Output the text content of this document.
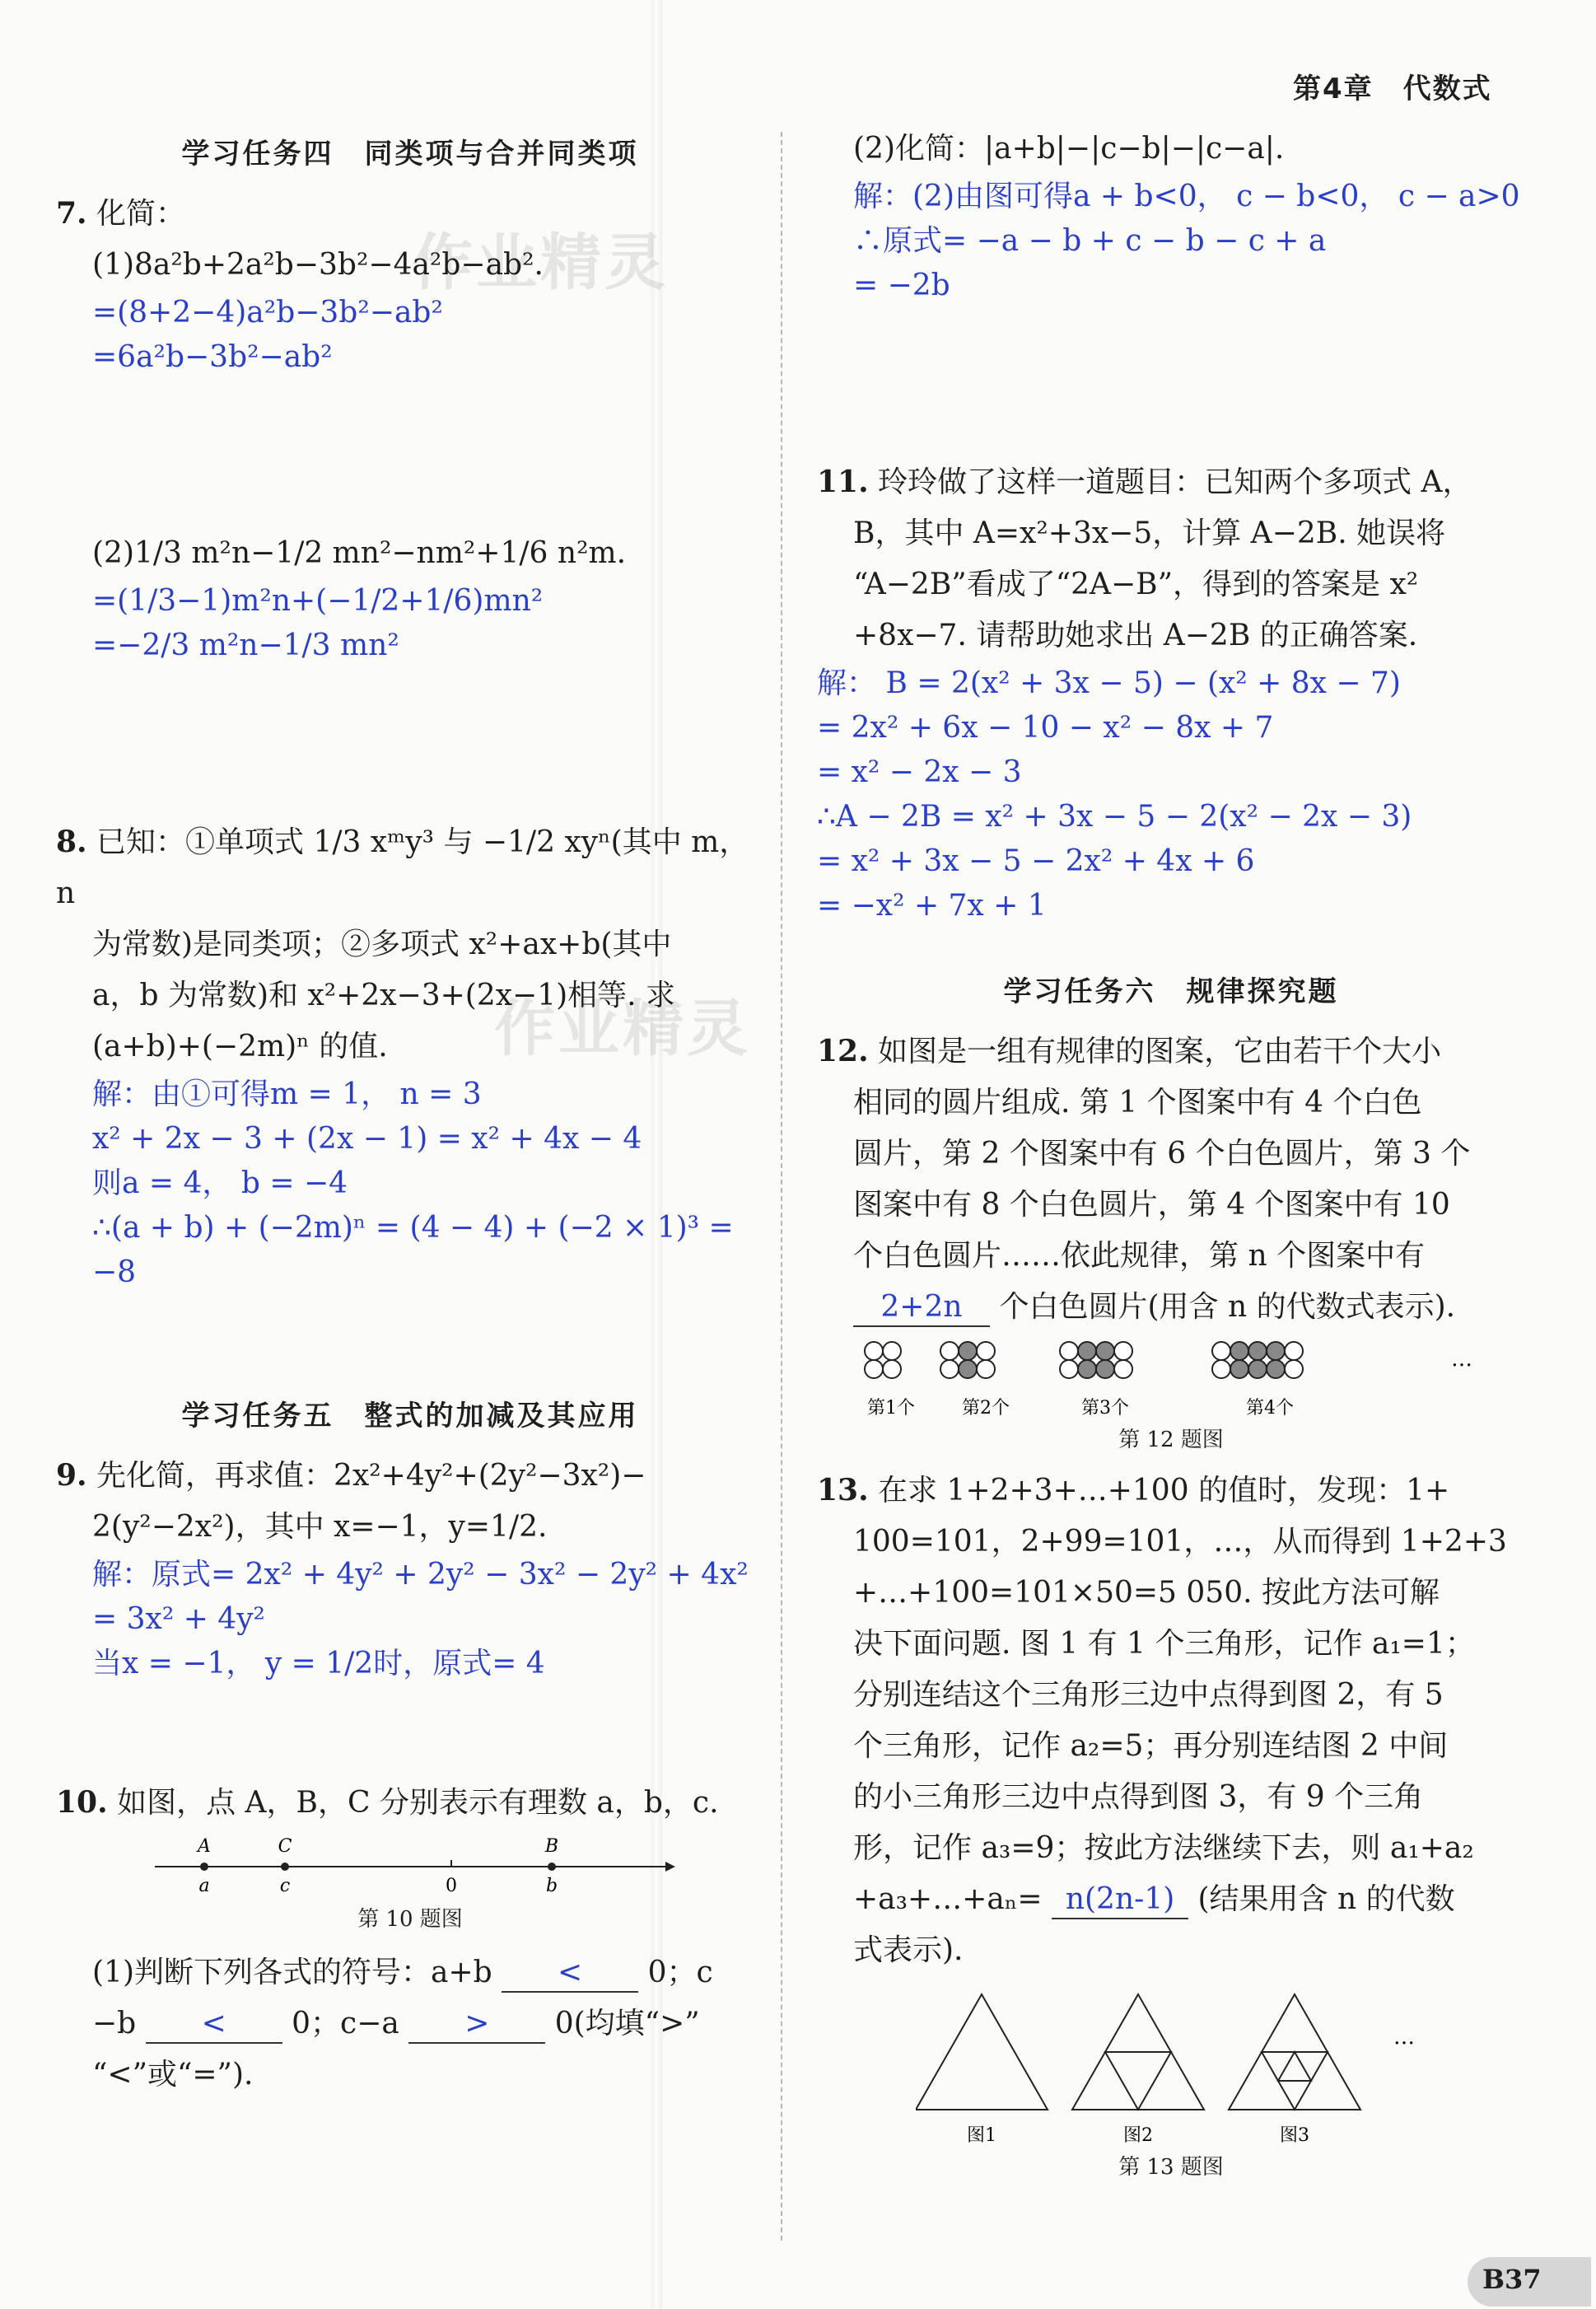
第4章　代数式
作业精灵
作业精灵
学习任务四　同类项与合并同类项
7. 化简：
(1)8a²b+2a²b−3b²−4a²b−ab².
=(8+2−4)a²b−3b²−ab²
=6a²b−3b²−ab²
(2)1/3 m²n−1/2 mn²−nm²+1/6 n²m.
=(1/3−1)m²n+(−1/2+1/6)mn²
=−2/3 m²n−1/3 mn²
8. 已知：①单项式 1/3 xᵐy³ 与 −1/2 xyⁿ(其中 m，n
为常数)是同类项；②多项式 x²+ax+b(其中
a，b 为常数)和 x²+2x−3+(2x−1)相等. 求
(a+b)+(−2m)ⁿ 的值.
解：由①可得m = 1， n = 3
x² + 2x − 3 + (2x − 1) = x² + 4x − 4
则a = 4， b = −4
∴(a + b) + (−2m)ⁿ = (4 − 4) + (−2 × 1)³ = −8
学习任务五　整式的加减及其应用
9. 先化简，再求值：2x²+4y²+(2y²−3x²)−
2(y²−2x²)，其中 x=−1，y=1/2.
解：原式= 2x² + 4y² + 2y² − 3x² − 2y² + 4x²
= 3x² + 4y²
当x = −1， y = 1/2时，原式= 4
10. 如图，点 A，B，C 分别表示有理数 a，b，c.
A
a
C
c	0
B
b
第 10 题图
(1)判断下列各式的符号：a+b < 0；c
−b < 0；c−a > 0(均填“>”
“<”或“=”).
(2)化简：|a+b|−|c−b|−|c−a|.
解：(2)由图可得a + b<0， c − b<0， c − a>0
∴原式= −a − b + c − b − c + a
= −2b
11. 玲玲做了这样一道题目：已知两个多项式 A，
B，其中 A=x²+3x−5，计算 A−2B. 她误将
“A−2B”看成了“2A−B”，得到的答案是 x²
+8x−7. 请帮助她求出 A−2B 的正确答案.
解： B = 2(x² + 3x − 5) − (x² + 8x − 7)
= 2x² + 6x − 10 − x² − 8x + 7
= x² − 2x − 3
∴A − 2B = x² + 3x − 5 − 2(x² − 2x − 3)
= x² + 3x − 5 − 2x² + 4x + 6
= −x² + 7x + 1
学习任务六　规律探究题
12. 如图是一组有规律的图案，它由若干个大小
相同的圆片组成. 第 1 个图案中有 4 个白色
圆片，第 2 个图案中有 6 个白色圆片，第 3 个
图案中有 8 个白色圆片，第 4 个图案中有 10
个白色圆片……依此规律，第 n 个图案中有
2+2n 个白色圆片(用含 n 的代数式表示).
第1个	第2个	第3个	第4个
…
第 12 题图
13. 在求 1+2+3+…+100 的值时，发现：1+
100=101，2+99=101，…，从而得到 1+2+3
+…+100=101×50=5 050. 按此方法可解
决下面问题. 图 1 有 1 个三角形，记作 a₁=1；
分别连结这个三角形三边中点得到图 2，有 5
个三角形，记作 a₂=5；再分别连结图 2 中间
的小三角形三边中点得到图 3，有 9 个三角
形，记作 a₃=9；按此方法继续下去，则 a₁+a₂
+a₃+…+aₙ= n(2n-1) (结果用含 n 的代数
式表示).
…
图1	图2	图3
第 13 题图
B37
